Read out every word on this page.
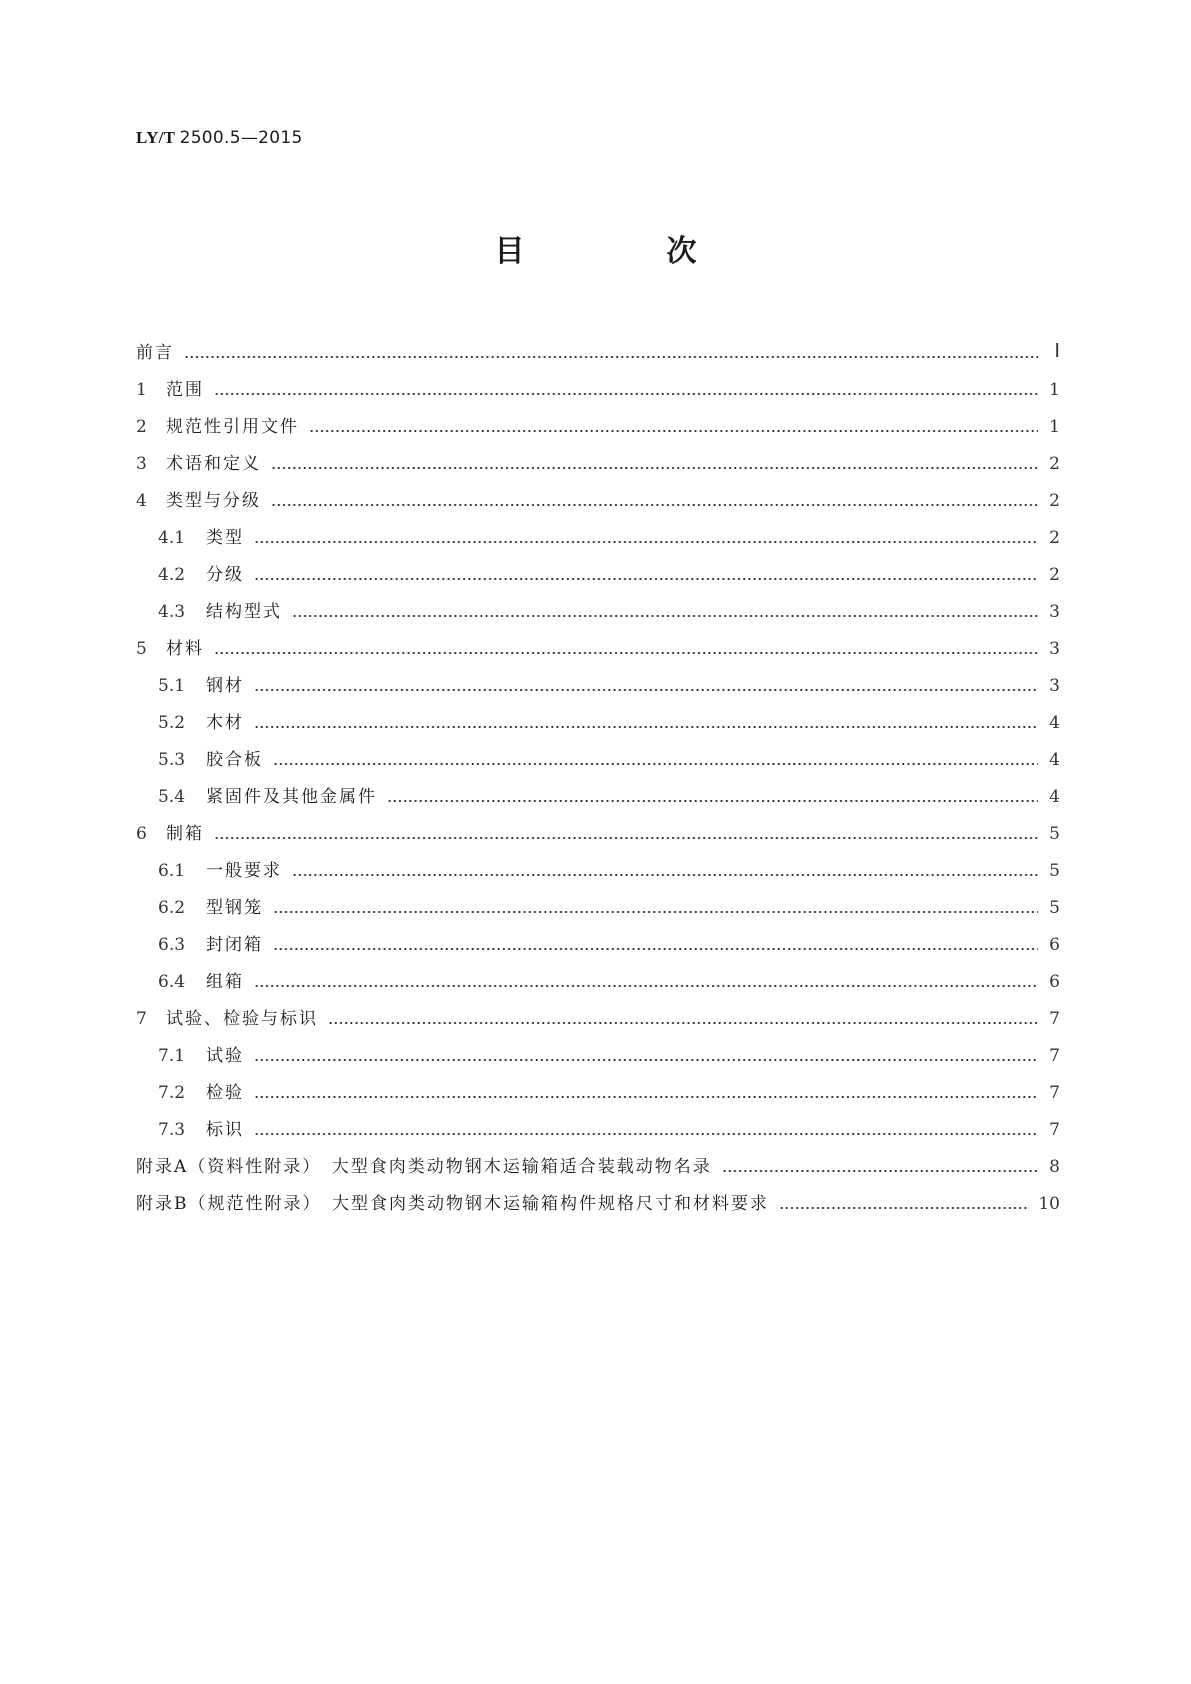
LY/T 2500.5—2015
目　次
前言	Ⅰ
1	范围	1
2	规范性引用文件	1
3	术语和定义	2
4	类型与分级	2
4.1	类型	2
4.2	分级	2
4.3	结构型式	3
5	材料	3
5.1	钢材	3
5.2	木材	4
5.3	胶合板	4
5.4	紧固件及其他金属件	4
6	制箱	5
6.1	一般要求	5
6.2	型钢笼	5
6.3	封闭箱	6
6.4	组箱	6
7	试验、检验与标识	7
7.1	试验	7
7.2	检验	7
7.3	标识	7
附录A（资料性附录）　大型食肉类动物钢木运输箱适合装载动物名录	8
附录B（规范性附录）　大型食肉类动物钢木运输箱构件规格尺寸和材料要求	10
